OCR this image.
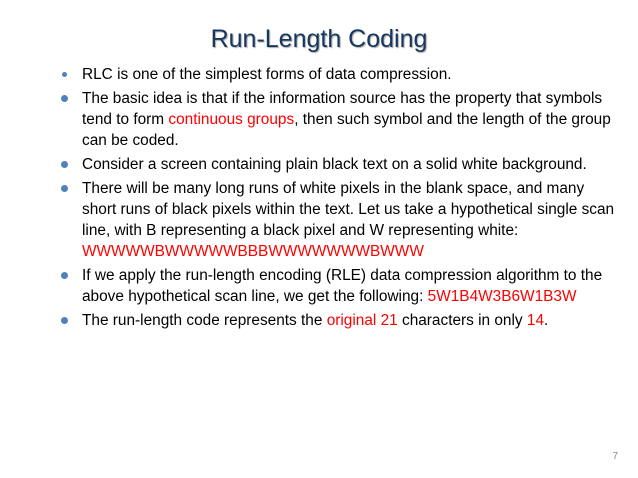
Run-Length Coding
RLC is one of the simplest forms of data compression.
The basic idea is that if the information source has the property that symbols tend to form continuous groups, then such symbol and the length of the group can be coded.
Consider a screen containing plain black text on a solid white background.
There will be many long runs of white pixels in the blank space, and many short runs of black pixels within the text. Let us take a hypothetical single scan line, with B representing a black pixel and W representing white: WWWWWBWWWWWBBBWWWWWWWBWWW
If we apply the run-length encoding (RLE) data compression algorithm to the above hypothetical scan line, we get the following: 5W1B4W3B6W1B3W
The run-length code represents the original 21 characters in only 14.
7
